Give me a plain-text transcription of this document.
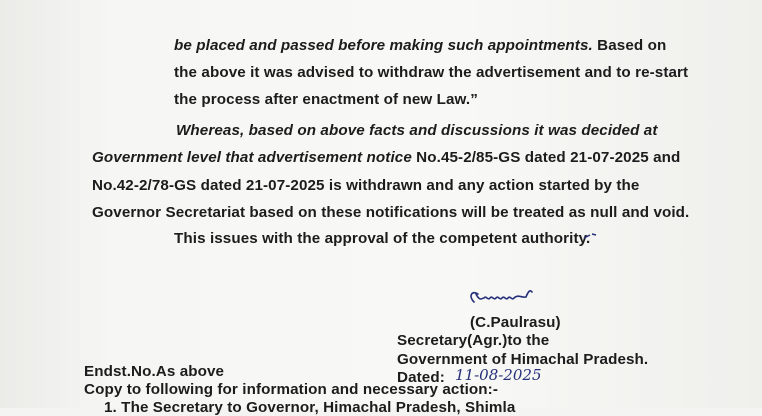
be placed and passed before making such appointments. Based on
the above it was advised to withdraw the advertisement and to re-start
the process after enactment of new Law.”
Whereas, based on above facts and discussions it was decided at
Government level that advertisement notice No.45-2/85-GS dated 21-07-2025 and
No.42-2/78-GS dated 21-07-2025 is withdrawn and any action started by the
Governor Secretariat based on these notifications will be treated as null and void.
This issues with the approval of the competent authority.
(C.Paulrasu)
Secretary(Agr.)to the
Government of Himachal Pradesh.
Dated: 11-08-2025
Endst.No.As above
Copy to following for information and necessary action:-
1. The Secretary to Governor, Himachal Pradesh, Shimla
